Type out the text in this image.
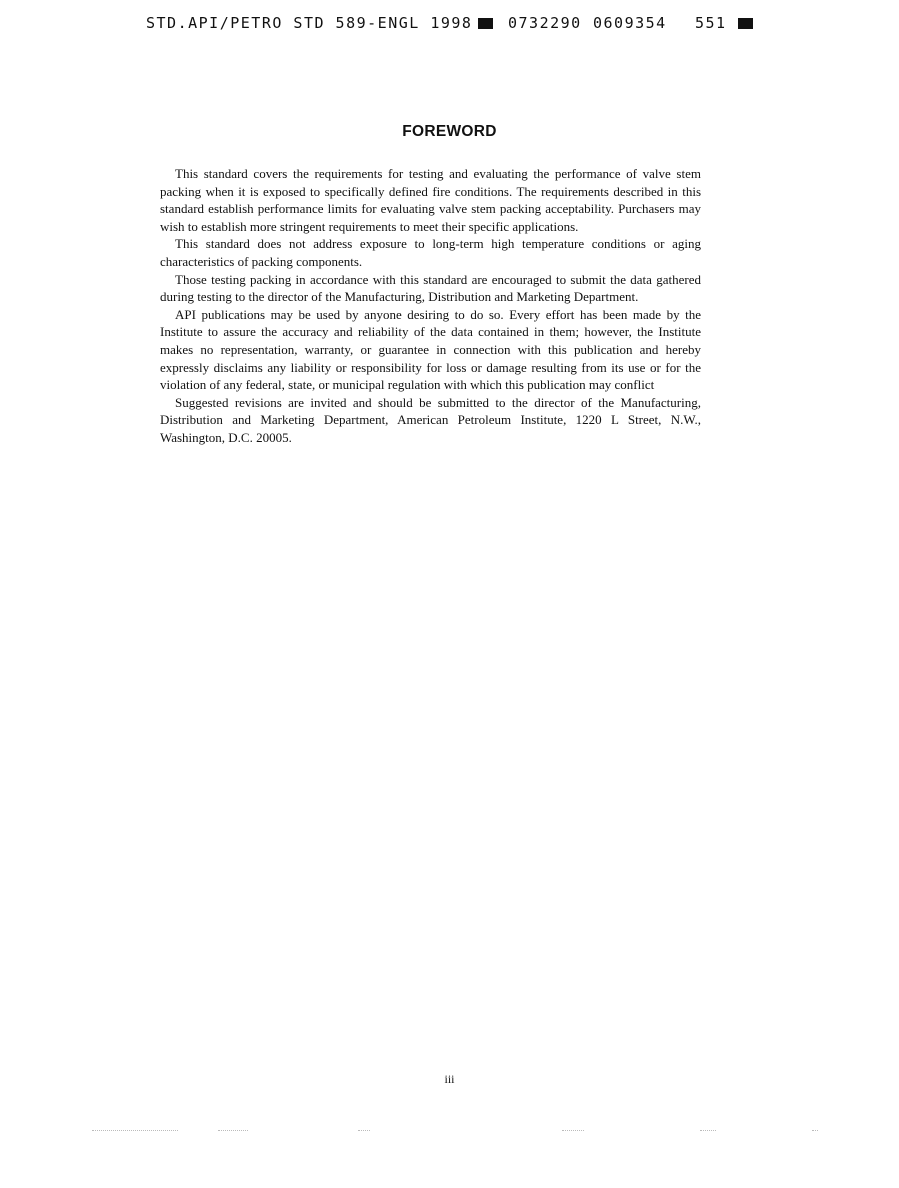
STD.API/PETRO STD 589-ENGL 1998 0732290 0609354 551
FOREWORD

This standard covers the requirements for testing and evaluating the performance of valve stem packing when it is exposed to specifically defined fire conditions. The requirements described in this standard establish performance limits for evaluating valve stem packing acceptability. Purchasers may wish to establish more stringent requirements to meet their specific applications.

This standard does not address exposure to long-term high temperature conditions or aging characteristics of packing components.

Those testing packing in accordance with this standard are encouraged to submit the data gathered during testing to the director of the Manufacturing, Distribution and Marketing Department.

API publications may be used by anyone desiring to do so. Every effort has been made by the Institute to assure the accuracy and reliability of the data contained in them; however, the Institute makes no representation, warranty, or guarantee in connection with this publication and hereby expressly disclaims any liability or responsibility for loss or damage resulting from its use or for the violation of any federal, state, or municipal regulation with which this publication may conflict

Suggested revisions are invited and should be submitted to the director of the Manufacturing, Distribution and Marketing Department, American Petroleum Institute, 1220 L Street, N.W., Washington, D.C. 20005.

iii
